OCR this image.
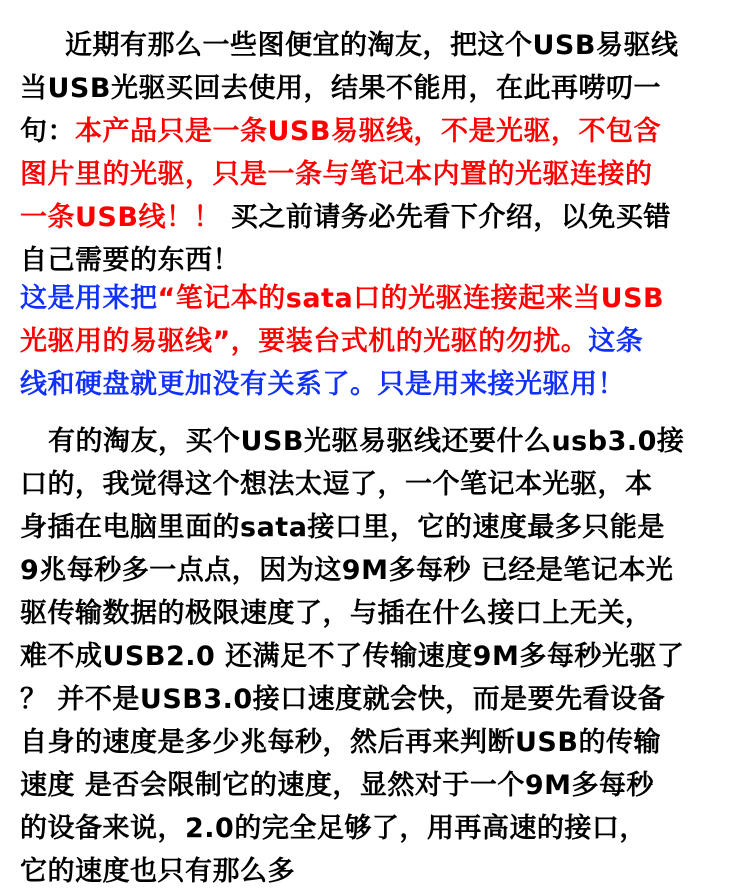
近期有那么一些图便宜的淘友，把这个USB易驱线
当USB光驱买回去使用，结果不能用，在此再唠叨一
句：本产品只是一条USB易驱线，不是光驱，不包含
图片里的光驱，只是一条与笔记本内置的光驱连接的
一条USB线！！ 买之前请务必先看下介绍，以免买错
自己需要的东西！
这是用来把“笔记本的sata口的光驱连接起来当USB
光驱用的易驱线”，要装台式机的光驱的勿扰。这条
线和硬盘就更加没有关系了。只是用来接光驱用！
有的淘友，买个USB光驱易驱线还要什么usb3.0接
口的，我觉得这个想法太逗了，一个笔记本光驱，本
身插在电脑里面的sata接口里，它的速度最多只能是
9兆每秒多一点点，因为这9M多每秒 已经是笔记本光
驱传输数据的极限速度了，与插在什么接口上无关，
难不成USB2.0 还满足不了传输速度9M多每秒光驱了
？ 并不是USB3.0接口速度就会快，而是要先看设备
自身的速度是多少兆每秒，然后再来判断USB的传输
速度 是否会限制它的速度，显然对于一个9M多每秒
的设备来说，2.0的完全足够了，用再高速的接口，
它的速度也只有那么多
